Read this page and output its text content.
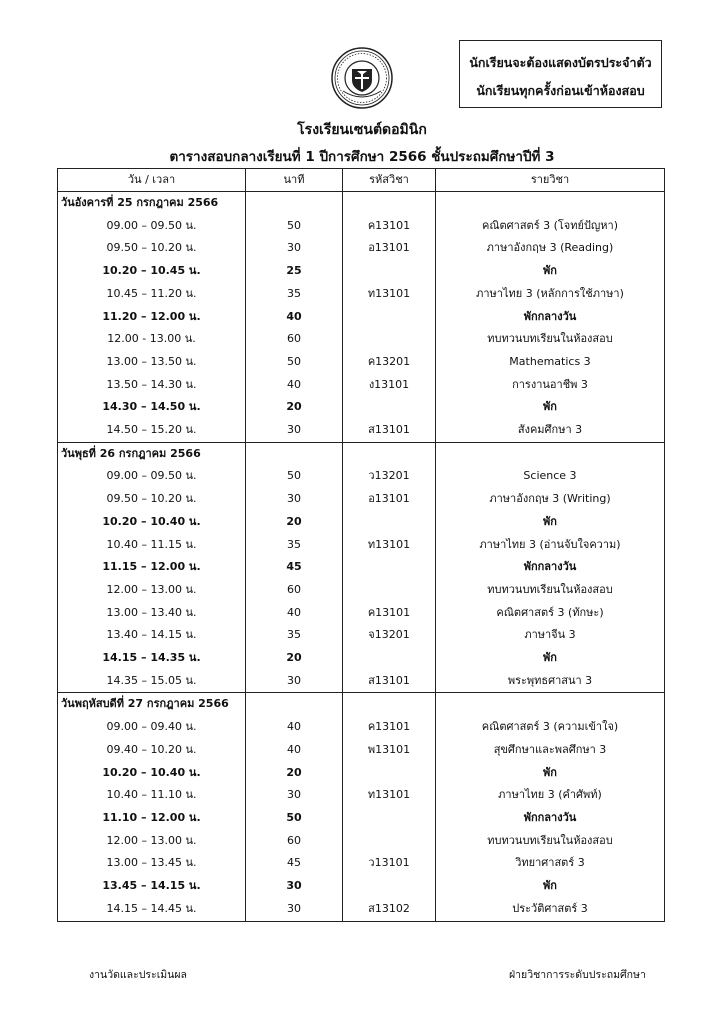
นักเรียนจะต้องแสดงบัตรประจำตัว
นักเรียนทุกครั้งก่อนเข้าห้องสอบ
โรงเรียนเซนต์ดอมินิก
ตารางสอบกลางเรียนที่ 1 ปีการศึกษา 2566 ชั้นประถมศึกษาปีที่ 3
วัน / เวลา	นาที	รหัสวิชา	รายวิชา
วันอังคารที่ 25 กรกฎาคม 2566			
09.00 – 09.50 น.	50	ค13101	คณิตศาสตร์ 3 (โจทย์ปัญหา)
09.50 – 10.20 น.	30	อ13101	ภาษาอังกฤษ 3 (Reading)
10.20 – 10.45 น.	25		พัก
10.45 – 11.20 น.	35	ท13101	ภาษาไทย 3 (หลักการใช้ภาษา)
11.20 – 12.00 น.	40		พักกลางวัน
12.00 - 13.00 น.	60		ทบทวนบทเรียนในห้องสอบ
13.00 – 13.50 น.	50	ค13201	Mathematics 3
13.50 – 14.30 น.	40	ง13101	การงานอาชีพ 3
14.30 – 14.50 น.	20		พัก
14.50 – 15.20 น.	30	ส13101	สังคมศึกษา 3
วันพุธที่ 26 กรกฎาคม 2566			
09.00 – 09.50 น.	50	ว13201	Science 3
09.50 – 10.20 น.	30	อ13101	ภาษาอังกฤษ 3 (Writing)
10.20 – 10.40 น.	20		พัก
10.40 – 11.15 น.	35	ท13101	ภาษาไทย 3 (อ่านจับใจความ)
11.15 – 12.00 น.	45		พักกลางวัน
12.00 – 13.00 น.	60		ทบทวนบทเรียนในห้องสอบ
13.00 – 13.40 น.	40	ค13101	คณิตศาสตร์ 3 (ทักษะ)
13.40 – 14.15 น.	35	จ13201	ภาษาจีน 3
14.15 – 14.35 น.	20		พัก
14.35 – 15.05 น.	30	ส13101	พระพุทธศาสนา 3
วันพฤหัสบดีที่ 27 กรกฎาคม 2566			
09.00 – 09.40 น.	40	ค13101	คณิตศาสตร์ 3 (ความเข้าใจ)
09.40 – 10.20 น.	40	พ13101	สุขศึกษาและพลศึกษา 3
10.20 – 10.40 น.	20		พัก
10.40 – 11.10 น.	30	ท13101	ภาษาไทย 3 (คำศัพท์)
11.10 – 12.00 น.	50		พักกลางวัน
12.00 – 13.00 น.	60		ทบทวนบทเรียนในห้องสอบ
13.00 – 13.45 น.	45	ว13101	วิทยาศาสตร์ 3
13.45 – 14.15 น.	30		พัก
14.15 – 14.45 น.	30	ส13102	ประวัติศาสตร์ 3
งานวัดและประเมินผล	ฝ่ายวิชาการระดับประถมศึกษา
